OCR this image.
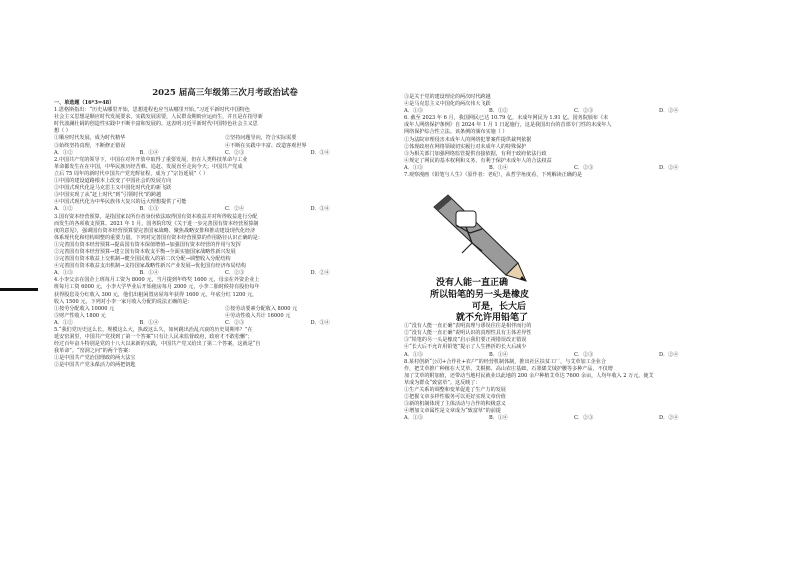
2025 届高三年级第三次月考政治试卷
一、单选题（16*3=48）

1.恩格斯指出：“历史从哪里开始，思想进程也应当从哪里开始。”习近平新时代中国特色

社会主义思想是顺应时代发展要求、实践发展需要，人民群众期盼应运而生，并且是在指导新

时代波澜壮阔的创造性实践中不断丰富和发展的。这表明习近平新时代中国特色社会主义思

想（ ）

①顺应时代发展，成为时代精华	②坚持问题导向，符合实际需要
③始终坚持真理，不断修正错误	④不断在实践中丰富、改造客观世界
A．①②	B．①④	C．②③	D．③④

2.中国共产党的领导下，中国在对外开放中取得了重要发展，但在人类科技革命与工业

革命都发生在在中国，中华民族历经苦难、追赶、发展直至走向今天；中国共产党成

立后 75 周年的新时代中国共产党光辉征程，成为了“宗旨延展”（ ）

①中国的建设道路根本上改变了中国社会的发展方向
②中国式现代化是马克思主义中国化时代化的新飞跃
③中国实现了从“赶上时代”到“引领时代”的跨越
④中国式现代化为中华民族伟大复兴的远大理想提供了可能
A．①②	B．①③	C．②④	D．③④

3.国有资本经营预算，是指国家以所有者身份依法取得国有资本收益并对所得收益进行分配

而发生的各项收支预算。2021 年 1 月，国务院印发《关于进一步完善国有资本经营预算制

度的意见》，强调国有资本经营预算要完善国家战略、聚焦战略安排和推动建设现代化经济

体系现代化和结构调整的重要力量。下列对完善国有资本经营预算的作用路径认识正确的是：

①完善国有资本经营预算→提高国有资本保值增值→加强国有资本经营的作用与发挥
②完善国有资本经营预算→建立国有资本收支平衡→全面实施国家战略性新兴发展
③完善国有资本收益上交机制→健全国民收入的第二次分配→调整收入分配结构
④完善国有资本收益支出机制→支持国家战略性新兴产业发展→优化国有经济布局结构
A．①③	B．①④	C．②③	D．②④

4.小李父亲在国企上班每月工资为 8000 元，当月提到年终奖 1600 元，母亲在外资企业上

班每月工资 6000 元，小李大学毕业后开始租房每月 2000 元，小李二胎时候持有股份每年

获得股息及分红收入 300 元，他们出租闲置房屋每年获得 1600 元，年底分红 1200 元，

收入 1500 元，下列对小李一家月收入分配的说法正确的是：

①按劳分配收入 10000 元	②按劳动要素分配收入 8000 元
③财产性收入 1800 元	④劳动性收入共计 16000 元
A．①②	B．①④	C．②③	D．③④

5.“我们党历史这么长、规模这么大，执政这么久，如何跳出治乱兴衰的历史周期率？”在

延安窑洞里，中国共产党找到了第一个答案“只有让人民来监督政府，政府才不敢松懈”；

经过百年奋斗特别是党的十八大以来新的实践，中国共产党又给出了第二个答案，这就是“自

我革命”。“窑洞之问”的两个答案：

①是中国共产党治国理政的两大法宝
②是中国共产党永葆活力的两把钥匙
③是关于党的建设理论的两次时代跨越
④是马克思主义中国化的两次伟大飞跃
A．①③	B．①②	C．②③	D．②④

6. 截至 2023 年 6 月，我国网民已达 10.79 亿，未成年网民为 1.91 亿。国务院颁布《未

成年人网络保护条例》自 2024 年 1 月 1 日起施行，这是我国出台的首部专门性的未成年人

网络保护综合性立法。该条例的颁布实施（ ）

①为法院审理侵害未成年人的网络犯罪案件提供裁判依据
②体现政府在网络领域切实履行对未成年人的特殊保护
③为相关部门加强网络监管提供直接依据，有利于政府依法行政
④规定了网民的基本权利和义务，有利于保护未成年人的合法权益
A．①③	B．①④	C．②③	D．②④

7.观察漫画《铅笔与人生》（原作者：老纪），从哲学角度看，下列解读正确的是

没有人能一直正确
所以铅笔的另一头是橡皮
可是，长大后
就不允许用铅笔了
①“没有人能一直正确”表明真理与谬误往往是相伴而行的
②“没有人能一直正确”说明认识的真理性具有主体差异性
③“铅笔的另一头是橡皮”启示我们要正视错误改正错误
④“长大后不允许用铅笔”提示了人生挫折的长大后减少
A．①③	B．①④	C．②③	D．②④

8.某村创新“公司+合作社+农户”的经营机制体制，推出社区扶贫工厂，与艾草加工企业合

作，把艾草推广种植在大艾草、艾棍棉、高山农庄基础、石墨烯艾绒护腰等多种产品，不仅增

加了艾草的附加值，还带动当地村民就业以此地的 200 余户种植艾草达 7600 余亩，人均年收入 2 万元，使艾

草成为群众“致富草”。这反映了：

①生产关系的调整和变革促进了生产力的发展
②把握文章多样性服务可以更好实现文章价值
③新的机制体现了主体活动与合作的积极意义
④增加文章属性是文章成为“致富草”的前提
A．①③	B．①④	C．②③	D．②④
